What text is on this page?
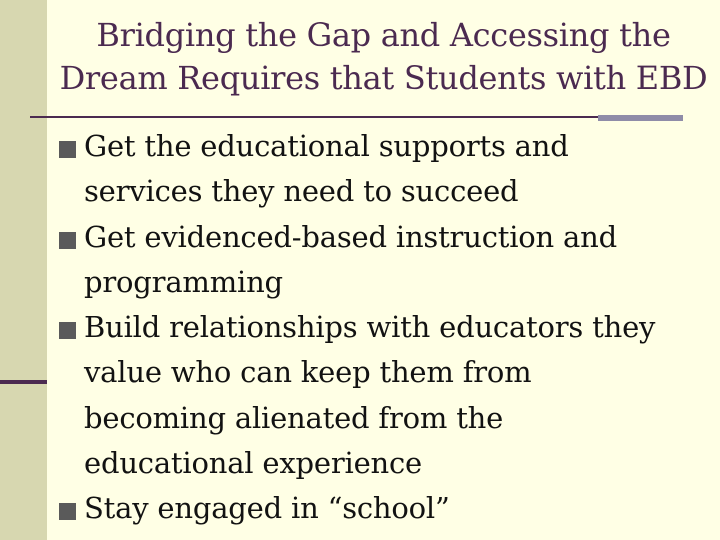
Bridging the Gap and Accessing the
Dream Requires that Students with EBD
Get the educational supports and
services they need to succeed
Get evidenced-based instruction and
programming
Build relationships with educators they
value who can keep them from
becoming alienated from the
educational experience
Stay engaged in “school”
